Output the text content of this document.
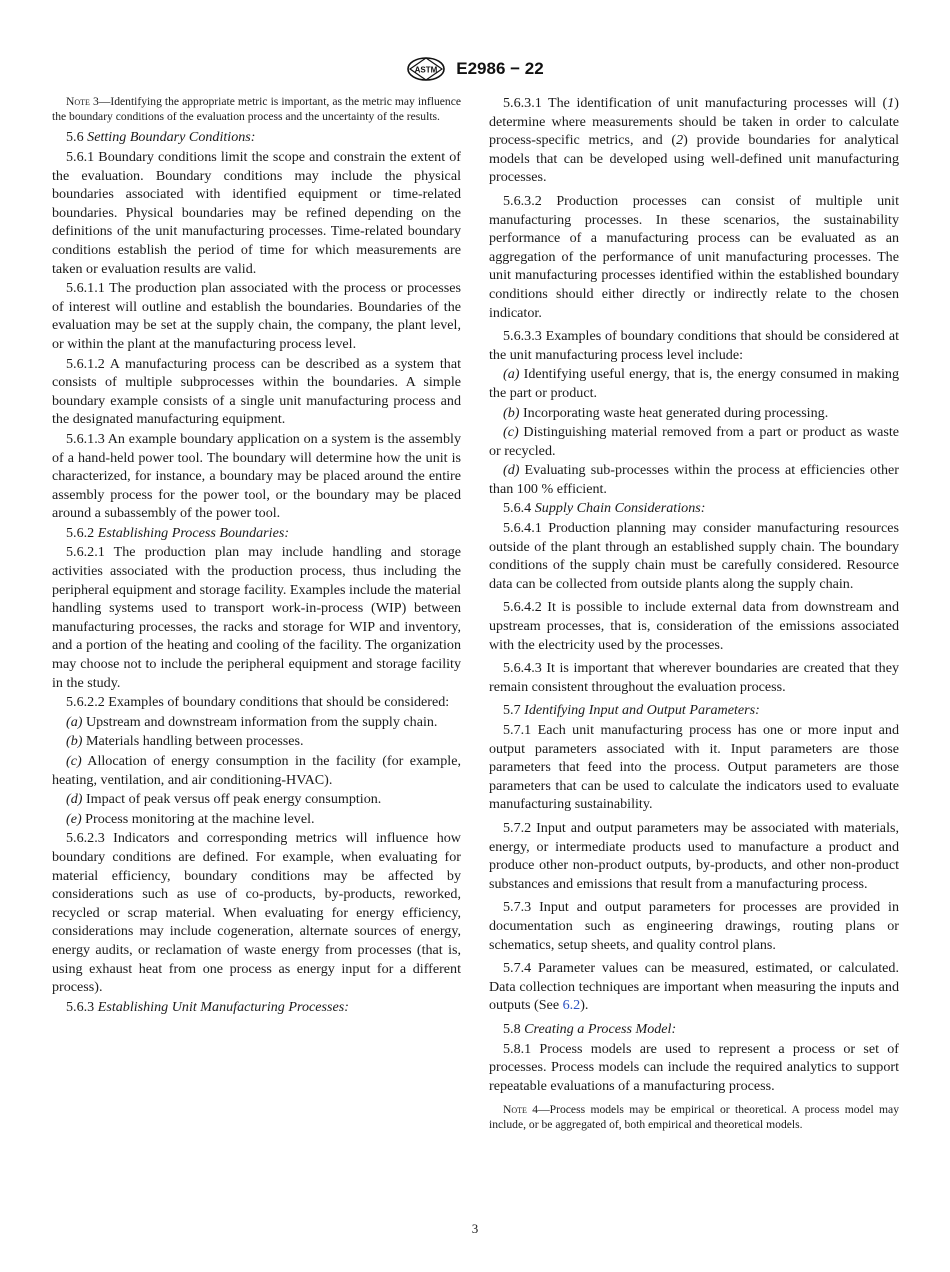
ASTM E2986 − 22

Note 3—Identifying the appropriate metric is important, as the metric may influence the boundary conditions of the evaluation process and the uncertainty of the results.

5.6 Setting Boundary Conditions:

5.6.1 Boundary conditions limit the scope and constrain the extent of the evaluation. Boundary conditions may include the physical boundaries associated with identified equipment or time-related boundaries. Physical boundaries may be refined depending on the definitions of the unit manufacturing processes. Time-related boundary conditions establish the period of time for which measurements are taken or evaluation results are valid.

5.6.1.1 The production plan associated with the process or processes of interest will outline and establish the boundaries. Boundaries of the evaluation may be set at the supply chain, the company, the plant level, or within the plant at the manufacturing process level.

5.6.1.2 A manufacturing process can be described as a system that consists of multiple subprocesses within the boundaries. A simple boundary example consists of a single unit manufacturing process and the designated manufacturing equipment.

5.6.1.3 An example boundary application on a system is the assembly of a hand-held power tool. The boundary will determine how the unit is characterized, for instance, a boundary may be placed around the entire assembly process for the power tool, or the boundary may be placed around a subassembly of the power tool.

5.6.2 Establishing Process Boundaries:

5.6.2.1 The production plan may include handling and storage activities associated with the production process, thus including the peripheral equipment and storage facility. Examples include the material handling systems used to transport work-in-process (WIP) between manufacturing processes, the racks and storage for WIP and inventory, and a portion of the heating and cooling of the facility. The organization may choose not to include the peripheral equipment and storage facility in the study.

5.6.2.2 Examples of boundary conditions that should be considered:

(a) Upstream and downstream information from the supply chain.

(b) Materials handling between processes.

(c) Allocation of energy consumption in the facility (for example, heating, ventilation, and air conditioning-HVAC).

(d) Impact of peak versus off peak energy consumption.

(e) Process monitoring at the machine level.

5.6.2.3 Indicators and corresponding metrics will influence how boundary conditions are defined. For example, when evaluating for material efficiency, boundary conditions may be affected by considerations such as use of co-products, by-products, reworked, recycled or scrap material. When evaluating for energy efficiency, considerations may include cogeneration, alternate sources of energy, energy audits, or reclamation of waste energy from processes (that is, using exhaust heat from one process as energy input for a different process).

5.6.3 Establishing Unit Manufacturing Processes:

5.6.3.1 The identification of unit manufacturing processes will (1) determine where measurements should be taken in order to calculate process-specific metrics, and (2) provide boundaries for analytical models that can be developed using well-defined unit manufacturing processes.

5.6.3.2 Production processes can consist of multiple unit manufacturing processes. In these scenarios, the sustainability performance of a manufacturing process can be evaluated as an aggregation of the performance of unit manufacturing processes. The unit manufacturing processes identified within the established boundary conditions should either directly or indirectly relate to the chosen indicator.

5.6.3.3 Examples of boundary conditions that should be considered at the unit manufacturing process level include:

(a) Identifying useful energy, that is, the energy consumed in making the part or product.

(b) Incorporating waste heat generated during processing.

(c) Distinguishing material removed from a part or product as waste or recycled.

(d) Evaluating sub-processes within the process at efficiencies other than 100 % efficient.

5.6.4 Supply Chain Considerations:

5.6.4.1 Production planning may consider manufacturing resources outside of the plant through an established supply chain. The boundary conditions of the supply chain must be carefully considered. Resource data can be collected from outside plants along the supply chain.

5.6.4.2 It is possible to include external data from downstream and upstream processes, that is, consideration of the emissions associated with the electricity used by the processes.

5.6.4.3 It is important that wherever boundaries are created that they remain consistent throughout the evaluation process.

5.7 Identifying Input and Output Parameters:

5.7.1 Each unit manufacturing process has one or more input and output parameters associated with it. Input parameters are those parameters that feed into the process. Output parameters are those parameters that can be used to calculate the indicators used to evaluate manufacturing sustainability.

5.7.2 Input and output parameters may be associated with materials, energy, or intermediate products used to manufacture a product and produce other non-product outputs, by-products, and other non-product substances and emissions that result from a manufacturing process.

5.7.3 Input and output parameters for processes are provided in documentation such as engineering drawings, routing plans or schematics, setup sheets, and quality control plans.

5.7.4 Parameter values can be measured, estimated, or calculated. Data collection techniques are important when measuring the inputs and outputs (See 6.2).

5.8 Creating a Process Model:

5.8.1 Process models are used to represent a process or set of processes. Process models can include the required analytics to support repeatable evaluations of a manufacturing process.

Note 4—Process models may be empirical or theoretical. A process model may include, or be aggregated of, both empirical and theoretical models.

3
